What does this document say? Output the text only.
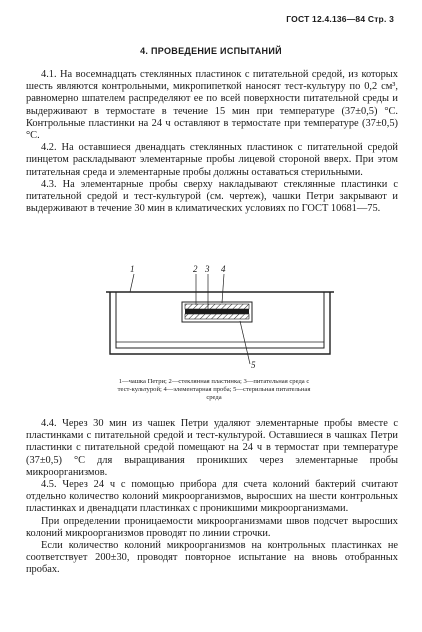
ГОСТ 12.4.136—84 Стр. 3
4. ПРОВЕДЕНИЕ ИСПЫТАНИЙ

4.1. На восемнадцать стеклянных пластинок с питательной средой, из которых шесть являются контрольными, микропипеткой наносят тест-культуру по 0,2 см³, равномерно шпателем распределяют ее по всей поверхности питательной среды и выдерживают в термостате в течение 15 мин при температуре (37±0,5) °С. Контрольные пластинки на 24 ч оставляют в термостате при температуре (37±0,5) °С.

4.2. На оставшиеся двенадцать стеклянных пластинок с питательной средой пинцетом раскладывают элементарные пробы лицевой стороной вверх. При этом питательная среда и элементарные пробы должны оставаться стерильными.

4.3. На элементарные пробы сверху накладывают стеклянные пластинки с питательной средой и тест-культурой (см. чертеж), чашки Петри закрывают и выдерживают в течение 30 мин в климатических условиях по ГОСТ 10681—75.

1	2 3 4
5
1—чашка Петри; 2—стеклянная пластинка; 3—питательная среда с тест-культурой; 4—элементарная проба; 5—стерильная питательная среда

4.4. Через 30 мин из чашек Петри удаляют элементарные пробы вместе с пластинками с питательной средой и тест-культурой. Оставшиеся в чашках Петри пластинки с питательной средой помещают на 24 ч в термостат при температуре (37±0,5) °С для выращивания проникших через элементарные пробы микроорганизмов.

4.5. Через 24 ч с помощью прибора для счета колоний бактерий считают отдельно количество колоний микроорганизмов, выросших на шести контрольных пластинках и двенадцати пластинках с проникшими микроорганизмами.

При определении проницаемости микроорганизмами швов подсчет выросших колоний микроорганизмов проводят по линии строчки.

Если количество колоний микроорганизмов на контрольных пластинках не соответствует 200±30, проводят повторное испытание на вновь отобранных пробах.
